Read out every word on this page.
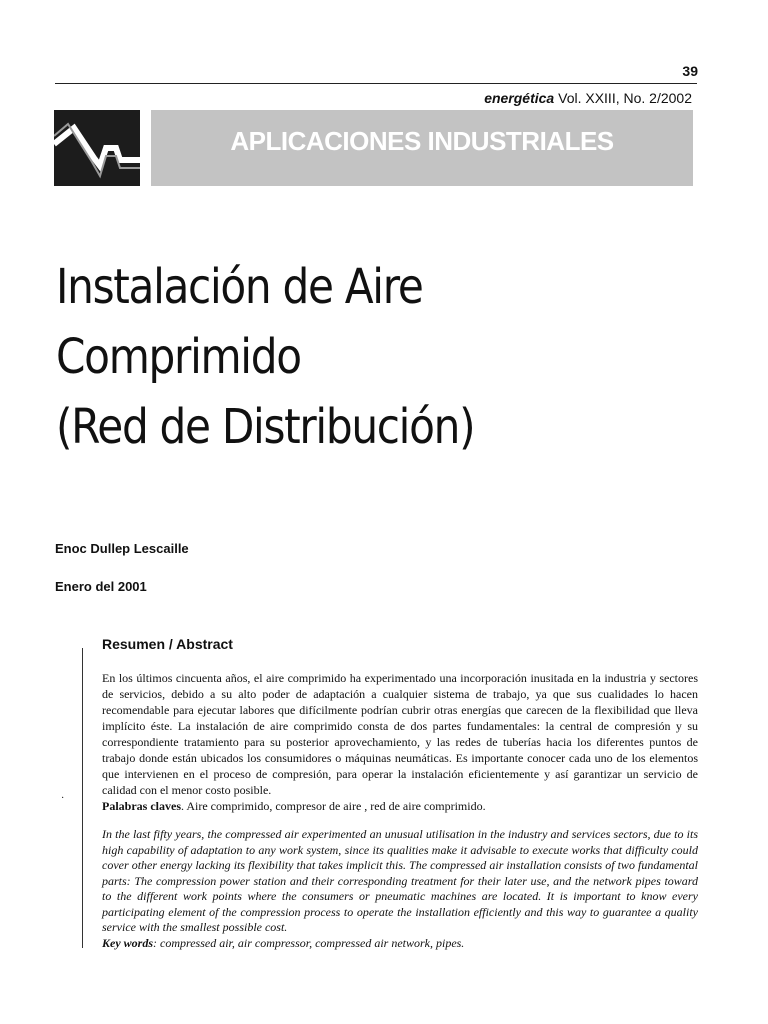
39
energética Vol. XXIII, No. 2/2002
APLICACIONES INDUSTRIALES
Instalación de Aire
Comprimido
(Red de Distribución)
Enoc Dullep Lescaille
Enero del 2001
·
Resumen / Abstract

En los últimos cincuenta años, el aire comprimido ha experimentado una incorporación inusitada en la industria y sectores de servicios, debido a su alto poder de adaptación a cualquier sistema de trabajo, ya que sus cualidades lo hacen recomendable para ejecutar labores que difícilmente podrían cubrir otras energías que carecen de la flexibilidad que lleva implícito éste. La instalación de aire comprimido consta de dos partes fundamentales: la central de compresión y su correspondiente tratamiento para su posterior aprovechamiento, y las redes de tuberías hacia los diferentes puntos de trabajo donde están ubicados los consumidores o máquinas neumáticas. Es importante conocer cada uno de los elementos que intervienen en el proceso de compresión, para operar la instalación eficientemente y así garantizar un servicio de calidad con el menor costo posible.
Palabras claves. Aire comprimido, compresor de aire , red de aire comprimido.

In the last fifty years, the compressed air experimented an unusual utilisation in the industry and services sectors, due to its high capability of adaptation to any work system, since its qualities make it advisable to execute works that difficulty could cover other energy lacking its flexibility that takes implicit this. The compressed air installation consists of two fundamental parts: The compression power station and their corresponding treatment for their later use, and the network pipes toward to the different work points where the consumers or pneumatic machines are located. It is important to know every participating element of the compression process to operate the installation efficiently and this way to guarantee a quality service with the smallest possible cost.
Key words: compressed air, air compressor, compressed air network, pipes.
